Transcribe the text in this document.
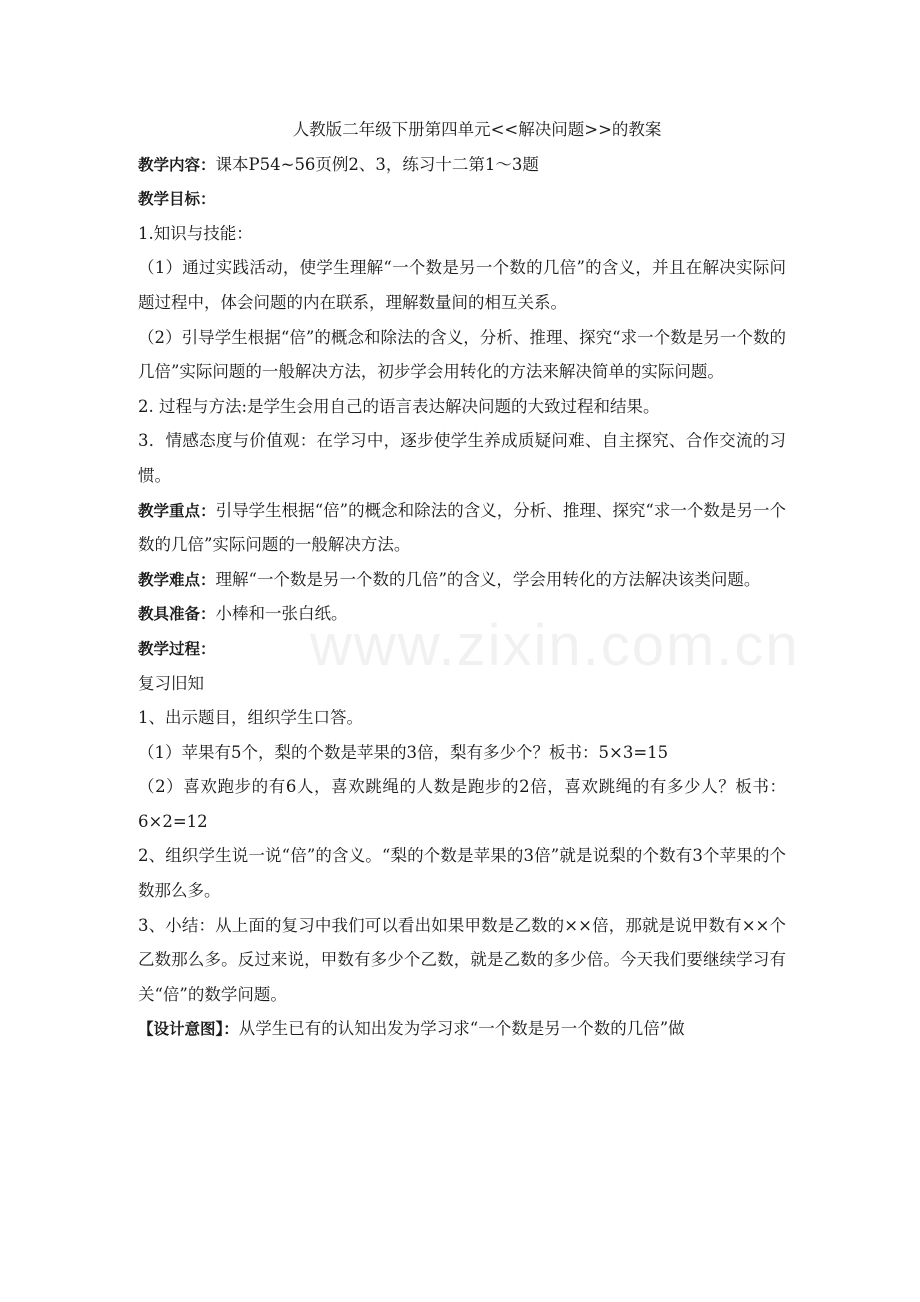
www.zixin.com.cn

人教版二年级下册第四单元<<解决问题>>的教案

教学内容：课本P54~56页例2、3，练习十二第1～3题

教学目标：

1.知识与技能：

（1）通过实践活动，使学生理解“一个数是另一个数的几倍”的含义，并且在解决实际问题过程中，体会问题的内在联系，理解数量间的相互关系。

（2）引导学生根据“倍”的概念和除法的含义，分析、推理、探究“求一个数是另一个数的几倍”实际问题的一般解决方法，初步学会用转化的方法来解决简单的实际问题。

2. 过程与方法:是学生会用自己的语言表达解决问题的大致过程和结果。

3．情感态度与价值观：在学习中，逐步使学生养成质疑问难、自主探究、合作交流的习惯。

教学重点：引导学生根据“倍”的概念和除法的含义，分析、推理、探究“求一个数是另一个数的几倍”实际问题的一般解决方法。

教学难点：理解“一个数是另一个数的几倍”的含义，学会用转化的方法解决该类问题。

教具准备：小棒和一张白纸。

教学过程：

复习旧知

1、出示题目，组织学生口答。

（1）苹果有5个，梨的个数是苹果的3倍，梨有多少个？板书：5×3=15

（2）喜欢跑步的有6人，喜欢跳绳的人数是跑步的2倍，喜欢跳绳的有多少人？板书：6×2=12

2、组织学生说一说“倍”的含义。“梨的个数是苹果的3倍”就是说梨的个数有3个苹果的个数那么多。

3、小结：从上面的复习中我们可以看出如果甲数是乙数的××倍，那就是说甲数有××个乙数那么多。反过来说，甲数有多少个乙数，就是乙数的多少倍。今天我们要继续学习有关“倍”的数学问题。

【设计意图】：从学生已有的认知出发为学习求“一个数是另一个数的几倍”做
